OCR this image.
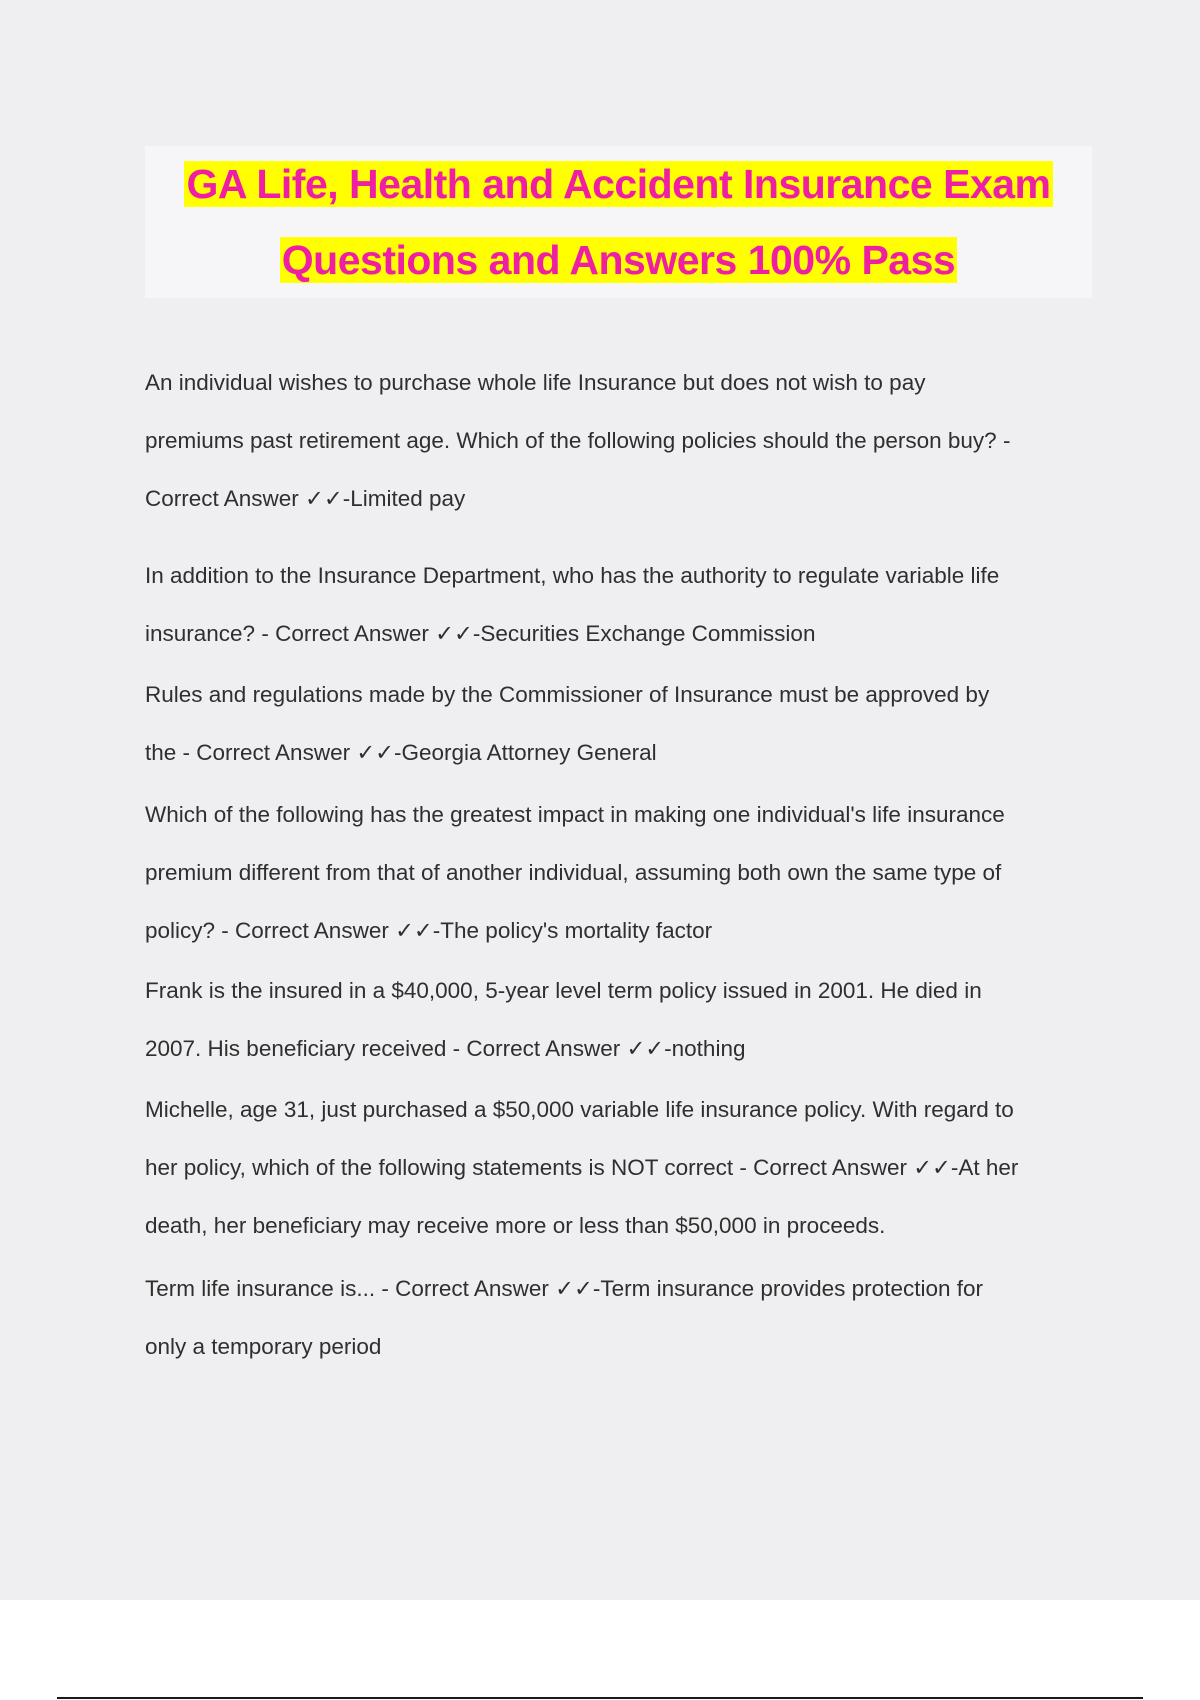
GA Life, Health and Accident Insurance Exam
Questions and Answers 100% Pass
An individual wishes to purchase whole life Insurance but does not wish to pay
premiums past retirement age. Which of the following policies should the person buy? -
Correct Answer ✓✓-Limited pay
In addition to the Insurance Department, who has the authority to regulate variable life
insurance? - Correct Answer ✓✓-Securities Exchange Commission
Rules and regulations made by the Commissioner of Insurance must be approved by
the - Correct Answer ✓✓-Georgia Attorney General
Which of the following has the greatest impact in making one individual's life insurance
premium different from that of another individual, assuming both own the same type of
policy? - Correct Answer ✓✓-The policy's mortality factor
Frank is the insured in a $40,000, 5-year level term policy issued in 2001. He died in
2007. His beneficiary received - Correct Answer ✓✓-nothing
Michelle, age 31, just purchased a $50,000 variable life insurance policy. With regard to
her policy, which of the following statements is NOT correct - Correct Answer ✓✓-At her
death, her beneficiary may receive more or less than $50,000 in proceeds.
Term life insurance is... - Correct Answer ✓✓-Term insurance provides protection for
only a temporary period
